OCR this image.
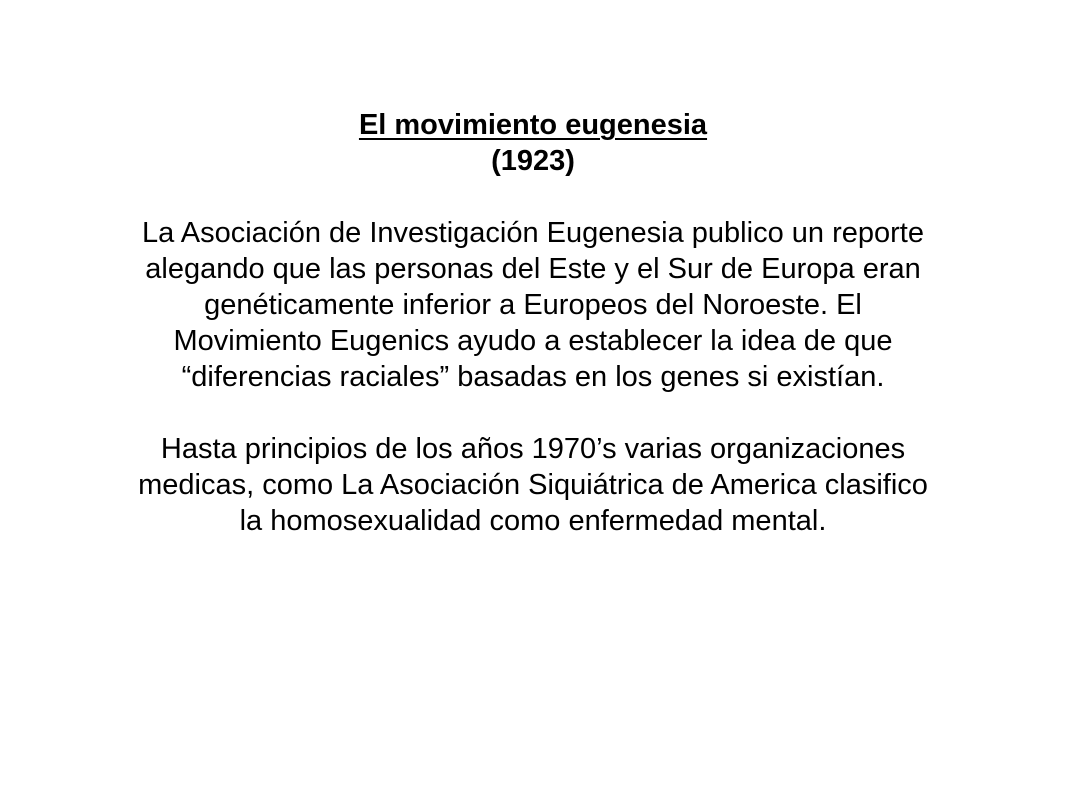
El movimiento eugenesia
(1923)
La Asociación de Investigación Eugenesia publico un reporte
alegando que las personas del Este y el Sur de Europa eran
genéticamente inferior a Europeos del Noroeste. El
Movimiento Eugenics ayudo a establecer la idea de que
“diferencias raciales” basadas en los genes si existían.
Hasta principios de los años 1970’s varias organizaciones
medicas, como La Asociación Siquiátrica de America clasifico
la homosexualidad como enfermedad mental.
